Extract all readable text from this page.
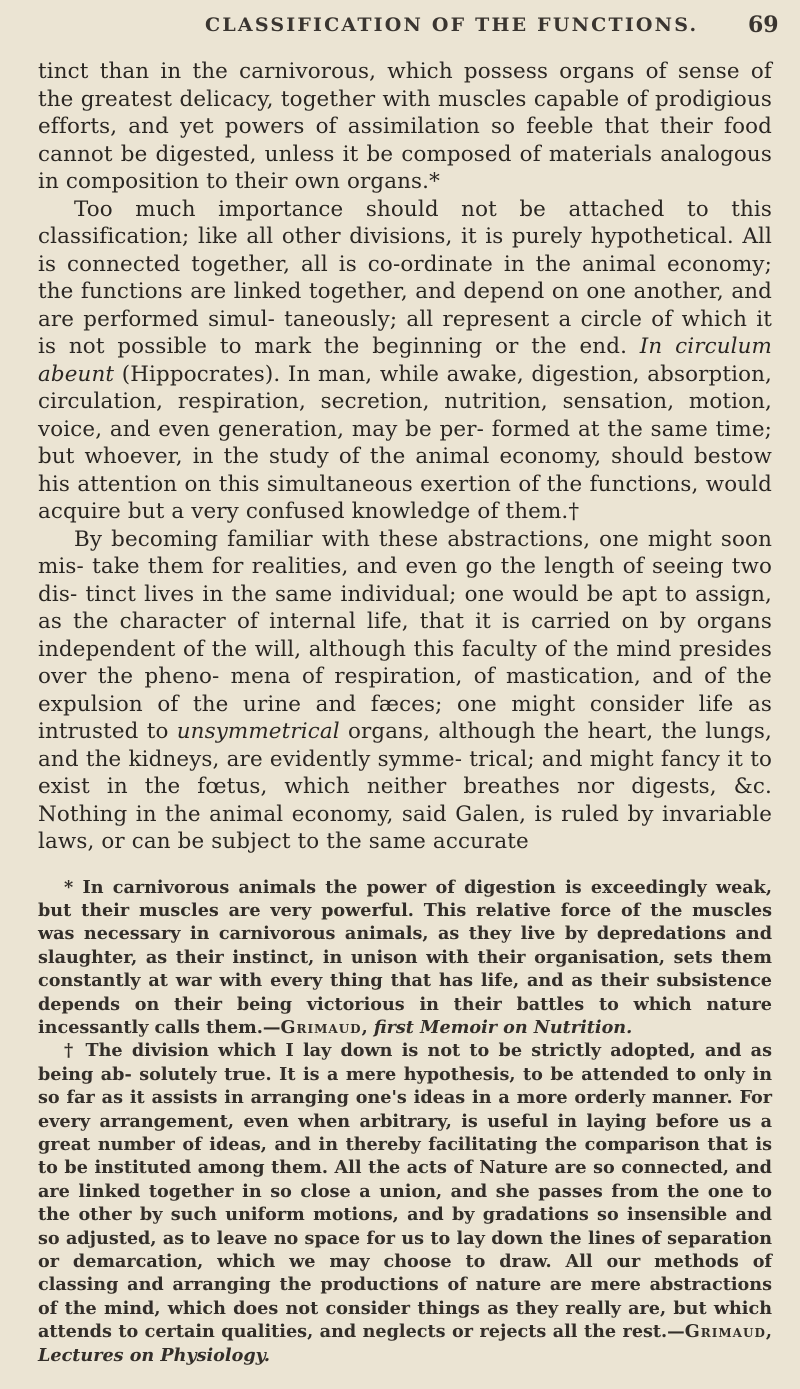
CLASSIFICATION OF THE FUNCTIONS. 69

tinct than in the carnivorous, which possess organs of sense of the greatest delicacy, together with muscles capable of prodigious efforts, and yet powers of assimilation so feeble that their food cannot be digested, unless it be composed of materials analogous in composition to their own organs.*

Too much importance should not be attached to this classification; like all other divisions, it is purely hypothetical. All is connected together, all is co-ordinate in the animal economy; the functions are linked together, and depend on one another, and are performed simul- taneously; all represent a circle of which it is not possible to mark the beginning or the end. In circulum abeunt (Hippocrates). In man, while awake, digestion, absorption, circulation, respiration, secretion, nutrition, sensation, motion, voice, and even generation, may be per- formed at the same time; but whoever, in the study of the animal economy, should bestow his attention on this simultaneous exertion of the functions, would acquire but a very confused knowledge of them.†

By becoming familiar with these abstractions, one might soon mis- take them for realities, and even go the length of seeing two dis- tinct lives in the same individual; one would be apt to assign, as the character of internal life, that it is carried on by organs independent of the will, although this faculty of the mind presides over the pheno- mena of respiration, of mastication, and of the expulsion of the urine and fæces; one might consider life as intrusted to unsymmetrical organs, although the heart, the lungs, and the kidneys, are evidently symme- trical; and might fancy it to exist in the fœtus, which neither breathes nor digests, &c. Nothing in the animal economy, said Galen, is ruled by invariable laws, or can be subject to the same accurate

* In carnivorous animals the power of digestion is exceedingly weak, but their muscles are very powerful. This relative force of the muscles was necessary in carnivorous animals, as they live by depredations and slaughter, as their instinct, in unison with their organisation, sets them constantly at war with every thing that has life, and as their subsistence depends on their being victorious in their battles to which nature incessantly calls them.—Grimaud, first Memoir on Nutrition.

† The division which I lay down is not to be strictly adopted, and as being ab- solutely true. It is a mere hypothesis, to be attended to only in so far as it assists in arranging one's ideas in a more orderly manner. For every arrangement, even when arbitrary, is useful in laying before us a great number of ideas, and in thereby facilitating the comparison that is to be instituted among them. All the acts of Nature are so connected, and are linked together in so close a union, and she passes from the one to the other by such uniform motions, and by gradations so insensible and so adjusted, as to leave no space for us to lay down the lines of separation or demarcation, which we may choose to draw. All our methods of classing and arranging the productions of nature are mere abstractions of the mind, which does not consider things as they really are, but which attends to certain qualities, and neglects or rejects all the rest.—Grimaud, Lectures on Physiology.
